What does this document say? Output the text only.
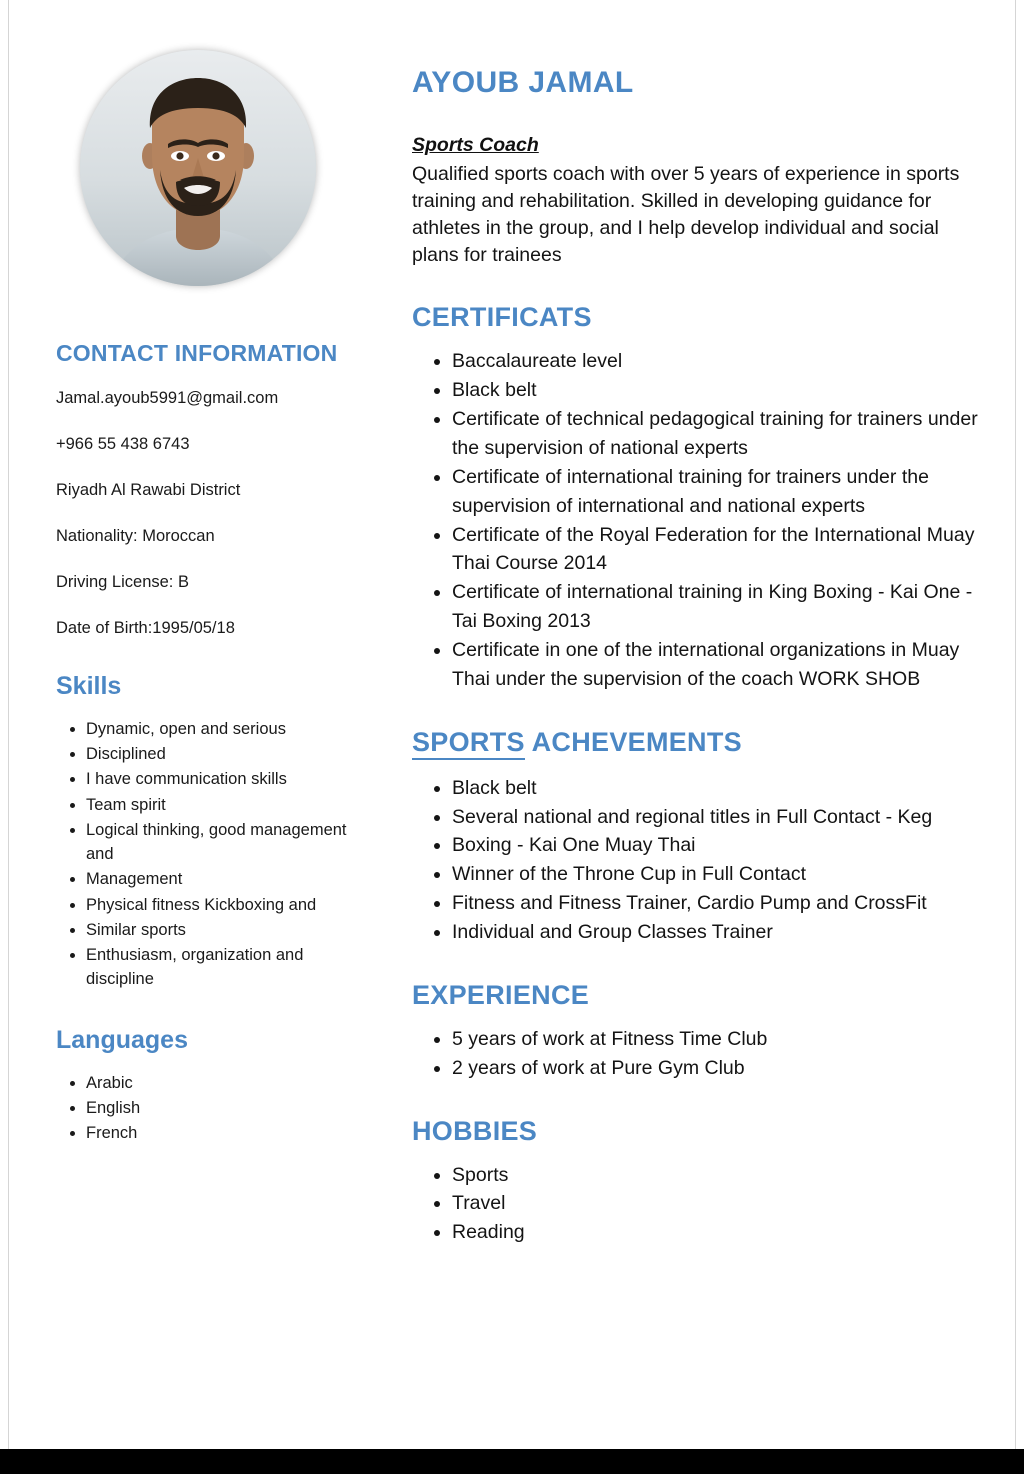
CONTACT INFORMATION
Jamal.ayoub5991@gmail.com
+966 55 438 6743
Riyadh Al Rawabi District
Nationality: Moroccan
Driving License: B
Date of Birth:1995/05/18
Skills
• Dynamic, open and serious
• Disciplined
• I have communication skills
• Team spirit
• Logical thinking, good management and
• Management
• Physical fitness Kickboxing and
• Similar sports
• Enthusiasm, organization and discipline
Languages
• Arabic
• English
• French
AYOUB JAMAL
Sports Coach

Qualified sports coach with over 5 years of experience in sports training and rehabilitation. Skilled in developing guidance for athletes in the group, and I help develop individual and social plans for trainees

CERTIFICATS
• Baccalaureate level
• Black belt
• Certificate of technical pedagogical training for trainers under the supervision of national experts
• Certificate of international training for trainers under the supervision of international and national experts
• Certificate of the Royal Federation for the International Muay Thai Course 2014
• Certificate of international training in King Boxing - Kai One - Tai Boxing 2013
• Certificate in one of the international organizations in Muay Thai under the supervision of the coach WORK SHOB
SPORTS ACHEVEMENTS
• Black belt
• Several national and regional titles in Full Contact - Keg
• Boxing - Kai One Muay Thai
• Winner of the Throne Cup in Full Contact
• Fitness and Fitness Trainer, Cardio Pump and CrossFit
• Individual and Group Classes Trainer
EXPERIENCE
• 5 years of work at Fitness Time Club
• 2 years of work at Pure Gym Club
HOBBIES
• Sports
• Travel
• Reading
